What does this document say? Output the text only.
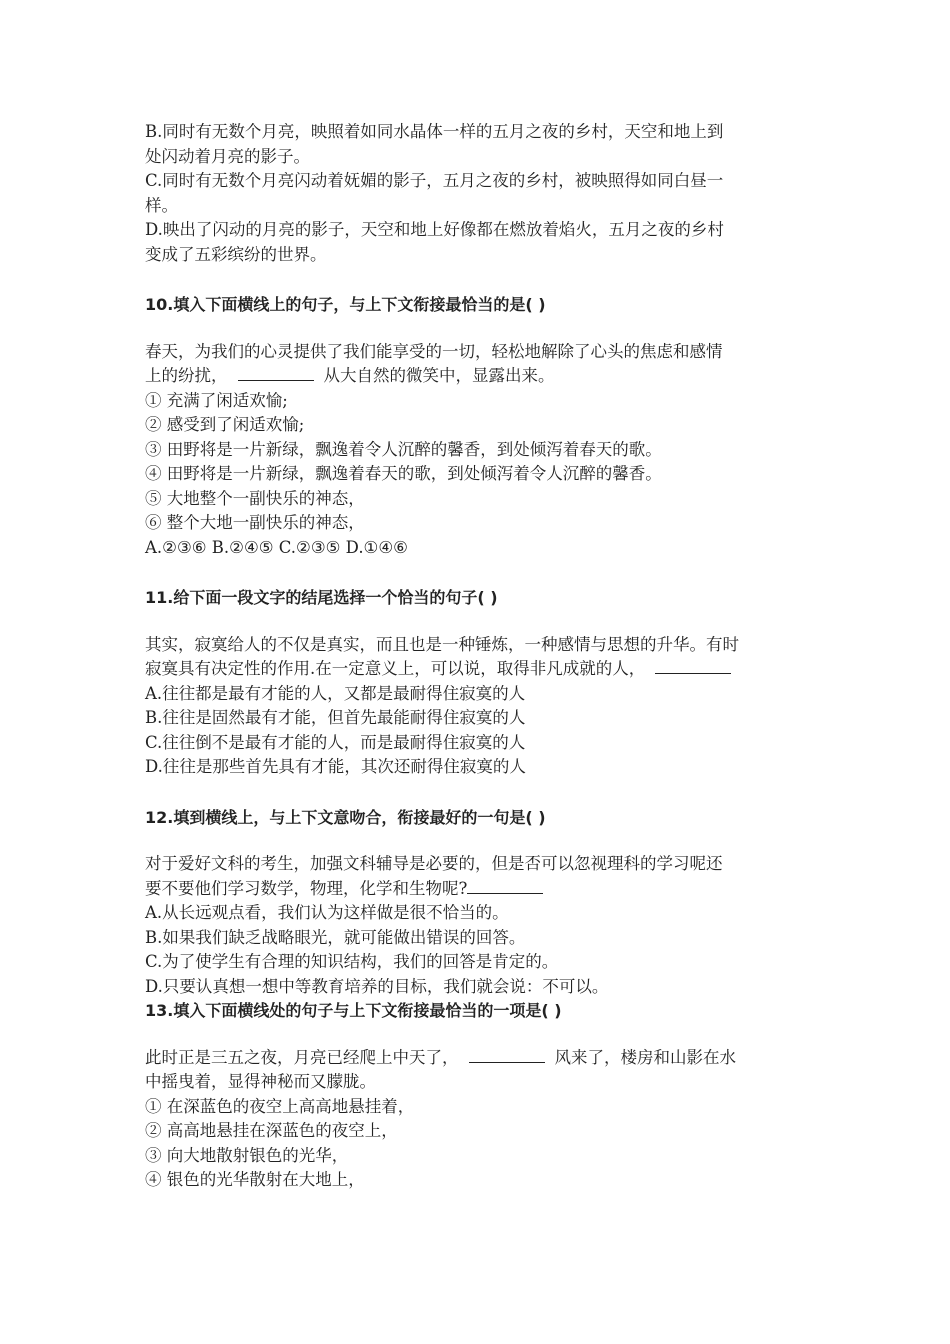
B.同时有无数个月亮，映照着如同水晶体一样的五月之夜的乡村，天空和地上到
处闪动着月亮的影子。
C.同时有无数个月亮闪动着妩媚的影子，五月之夜的乡村，被映照得如同白昼一
样。
D.映出了闪动的月亮的影子，天空和地上好像都在燃放着焰火，五月之夜的乡村
变成了五彩缤纷的世界。
10.填入下面横线上的句子，与上下文衔接最恰当的是( )
春天，为我们的心灵提供了我们能享受的一切，轻松地解除了心头的焦虑和感情
上的纷扰，	从大自然的微笑中，显露出来。
① 充满了闲适欢愉;
② 感受到了闲适欢愉;
③ 田野将是一片新绿，飘逸着令人沉醉的馨香，到处倾泻着春天的歌。
④ 田野将是一片新绿，飘逸着春天的歌，到处倾泻着令人沉醉的馨香。
⑤ 大地整个一副快乐的神态，
⑥ 整个大地一副快乐的神态，
A.②③⑥ B.②④⑤ C.②③⑤ D.①④⑥
11.给下面一段文字的结尾选择一个恰当的句子( )
其实，寂寞给人的不仅是真实，而且也是一种锤炼，一种感情与思想的升华。有时
寂寞具有决定性的作用.在一定意义上，可以说，取得非凡成就的人，
A.往往都是最有才能的人，又都是最耐得住寂寞的人
B.往往是固然最有才能，但首先最能耐得住寂寞的人
C.往往倒不是最有才能的人，而是最耐得住寂寞的人
D.往往是那些首先具有才能，其次还耐得住寂寞的人
12.填到横线上，与上下文意吻合，衔接最好的一句是( )
对于爱好文科的考生，加强文科辅导是必要的，但是否可以忽视理科的学习呢还
要不要他们学习数学，物理，化学和生物呢?
A.从长远观点看，我们认为这样做是很不恰当的。
B.如果我们缺乏战略眼光，就可能做出错误的回答。
C.为了使学生有合理的知识结构，我们的回答是肯定的。
D.只要认真想一想中等教育培养的目标，我们就会说：不可以。
13.填入下面横线处的句子与上下文衔接最恰当的一项是( )
此时正是三五之夜，月亮已经爬上中天了，	风来了，楼房和山影在水
中摇曳着，显得神秘而又朦胧。
① 在深蓝色的夜空上高高地悬挂着，
② 高高地悬挂在深蓝色的夜空上，
③ 向大地散射银色的光华，
④ 银色的光华散射在大地上，
